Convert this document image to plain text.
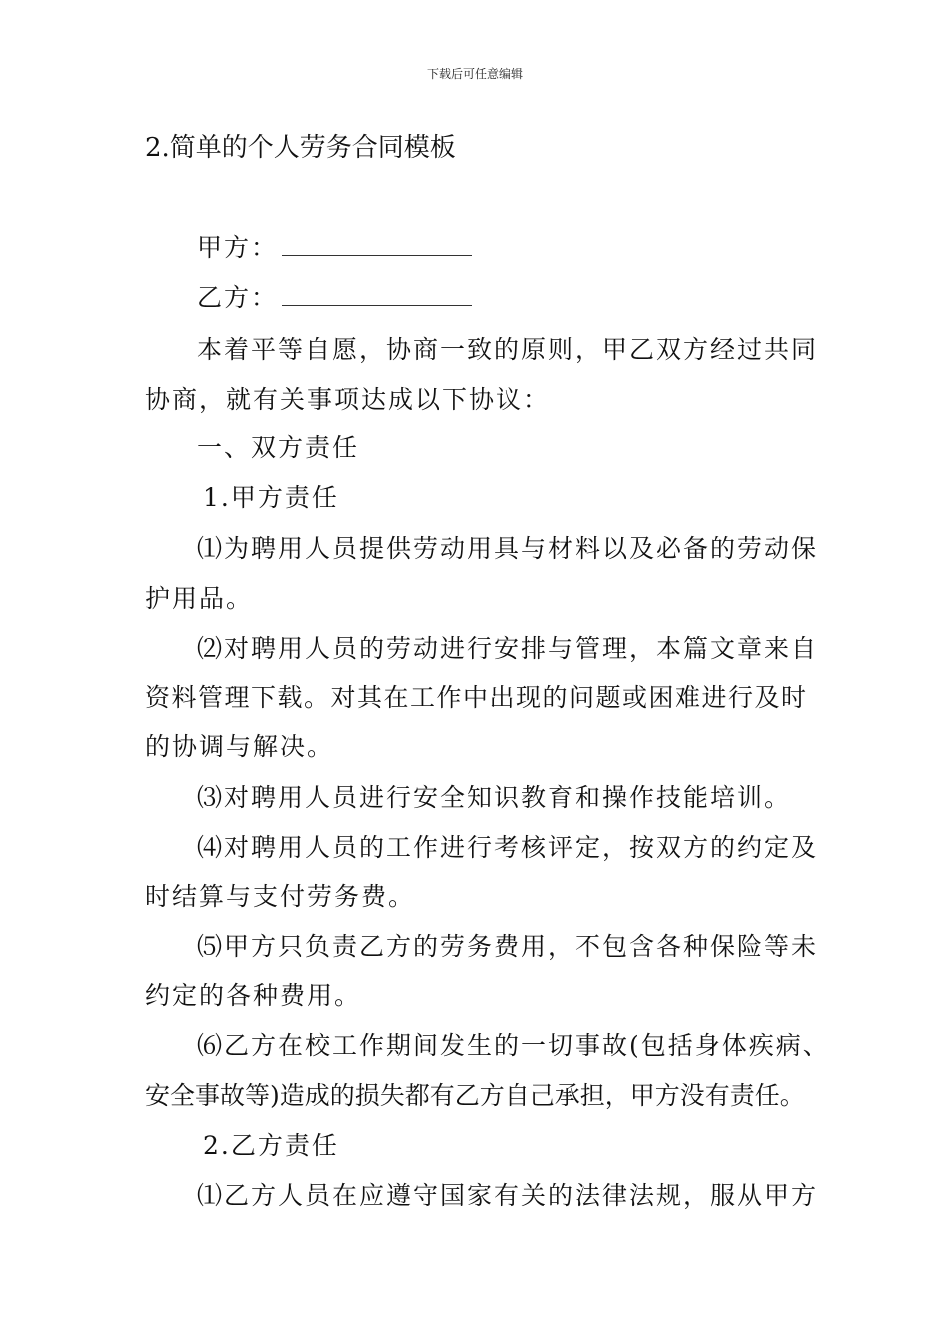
下载后可任意编辑
2.简单的个人劳务合同模板
甲方：
乙方：
本着平等自愿，协商一致的原则，甲乙双方经过共同
协商，就有关事项达成以下协议：
一、双方责任
1.甲方责任
⑴为聘用人员提供劳动用具与材料以及必备的劳动保
护用品。
⑵对聘用人员的劳动进行安排与管理，本篇文章来自
资料管理下载。对其在工作中出现的问题或困难进行及时
的协调与解决。
⑶对聘用人员进行安全知识教育和操作技能培训。
⑷对聘用人员的工作进行考核评定，按双方的约定及
时结算与支付劳务费。
⑸甲方只负责乙方的劳务费用，不包含各种保险等未
约定的各种费用。
⑹乙方在校工作期间发生的一切事故(包括身体疾病、
安全事故等)造成的损失都有乙方自己承担，甲方没有责任。
2.乙方责任
⑴乙方人员在应遵守国家有关的法律法规，服从甲方
